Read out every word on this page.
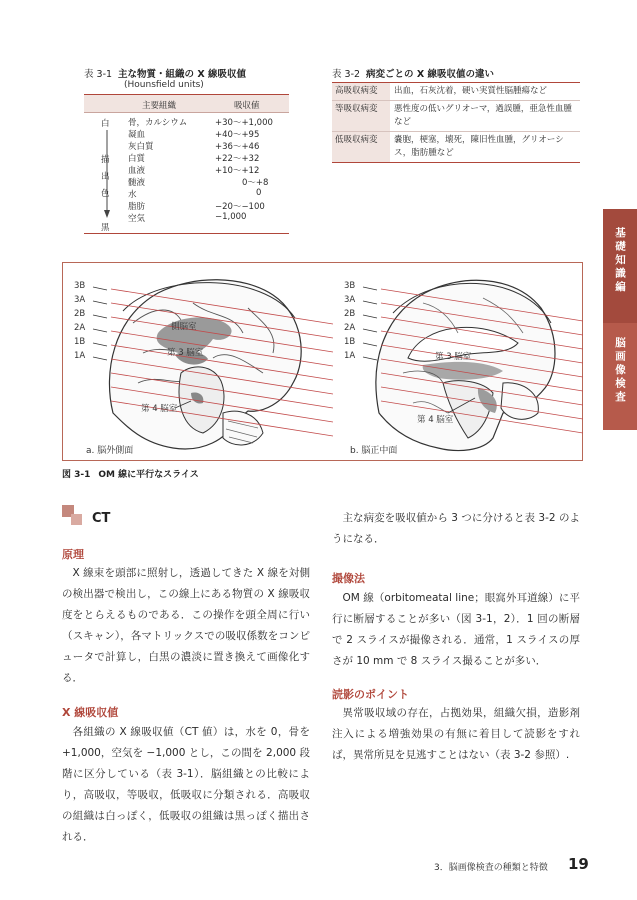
表 3-1 主な物質・組織の X 線吸収値
(Hounsfield units)
主要組織	吸収値
白
描
出
色
黒
骨，カルシウム	+30～+1,000
凝血	+40～+95
灰白質	+36～+46
白質	+22～+32
血液	+10～+12
髄液	0～+8
水	0
脂肪	−20～−100
空気	−1,000
表 3-2 病変ごとの X 線吸収値の違い
高吸収病変	出血，石灰沈着，硬い実質性脳腫瘍など
等吸収病変	悪性度の低いグリオーマ，過誤腫，亜急性血腫など
低吸収病変	嚢胞，梗塞，壊死，陳旧性血腫，グリオーシス，脂肪腫など
基礎知識編
脳画像検査
3B
3A
2B
2A
1B
1A
3B
3A
2B
2A
1B
1A
側脳室
第 3 脳室
第 4 脳室
第 3 脳室
第 4 脳室
a. 脳外側面	b. 脳正中面
図 3-1 OM 線に平行なスライス
CT
原理
X 線束を頭部に照射し，透過してきた X 線を対側の検出器で検出し，この線上にある物質の X 線吸収度をとらえるものである．この操作を頭全周に行い（スキャン），各マトリックスでの吸収係数をコンピュータで計算し，白黒の濃淡に置き換えて画像化する．
X 線吸収値
各組織の X 線吸収値（CT 値）は，水を 0，骨を +1,000，空気を −1,000 とし，この間を 2,000 段階に区分している（表 3-1）．脳組織との比較により，高吸収，等吸収，低吸収に分類される．高吸収の組織は白っぽく，低吸収の組織は黒っぽく描出される．
主な病変を吸収値から 3 つに分けると表 3-2 のようになる．
撮像法
OM 線（orbitomeatal line；眼窩外耳道線）に平行に断層することが多い（図 3-1，2）．1 回の断層で 2 スライスが撮像される．通常，1 スライスの厚さが 10 mm で 8 スライス撮ることが多い．
読影のポイント
異常吸収域の存在，占拠効果，組織欠損，造影剤注入による増強効果の有無に着目して読影をすれば，異常所見を見逃すことはない（表 3-2 参照）.
3．脳画像検査の種類と特徴 19
